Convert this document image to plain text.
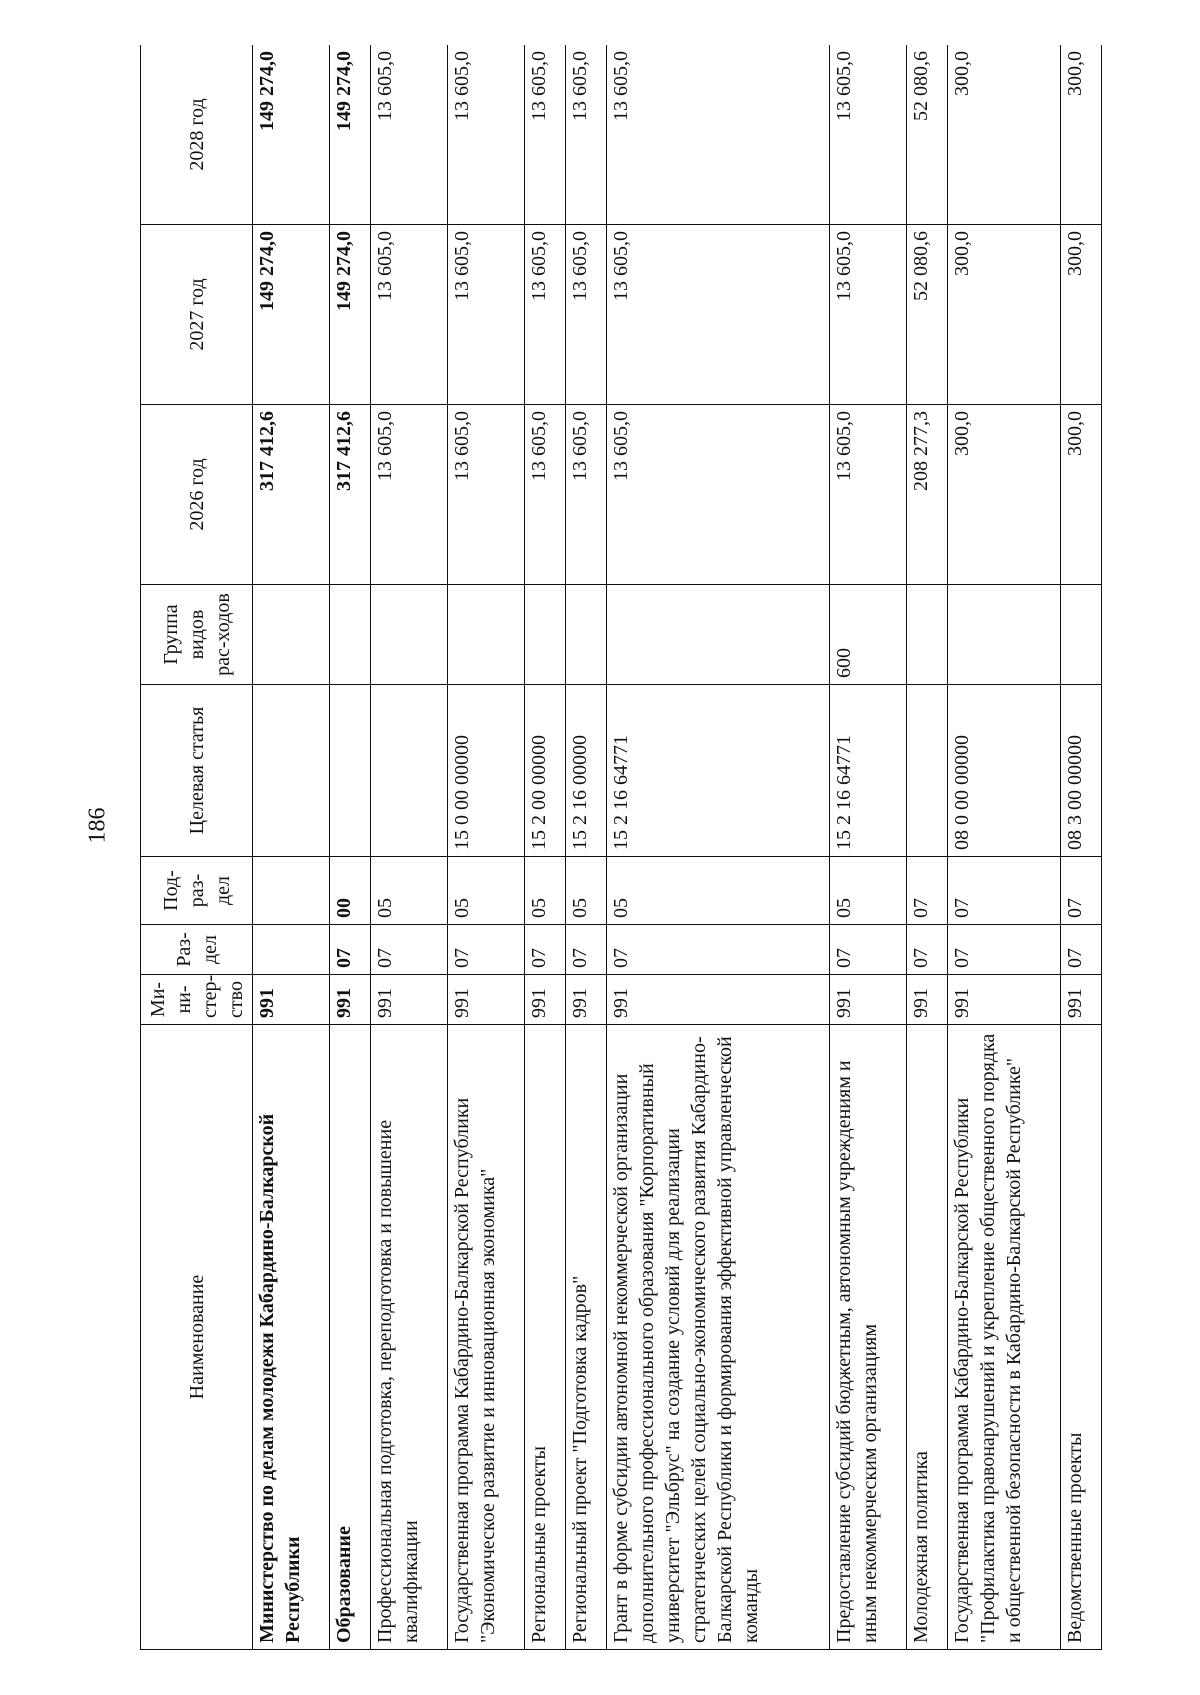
186
Наименование	Ми-ни-стер-ство	Раз-дел	Под-раз-дел	Целевая статья	Группа видов рас-ходов	2026 год	2027 год	2028 год
Министерство по делам молодежи Кабардино-Балкарской Республики	991					317 412,6	149 274,0	149 274,0
Образование	991	07	00			317 412,6	149 274,0	149 274,0
Профессиональная подготовка, переподготовка и повышение квалификации	991	07	05			13 605,0	13 605,0	13 605,0
Государственная программа Кабардино-Балкарской Республики "Экономическое развитие и инновационная экономика"	991	07	05	15 0 00 00000		13 605,0	13 605,0	13 605,0
Региональные проекты	991	07	05	15 2 00 00000		13 605,0	13 605,0	13 605,0
Региональный проект "Подготовка кадров"	991	07	05	15 2 16 00000		13 605,0	13 605,0	13 605,0
Грант в форме субсидии автономной некоммерческой организации дополнительного профессионального образования "Корпоративный университет "Эльбрус" на создание условий для реализации стратегических целей социально-экономического развития Кабардино-Балкарской Республики и формирования эффективной управленческой команды	991	07	05	15 2 16 64771		13 605,0	13 605,0	13 605,0
Предоставление субсидий бюджетным, автономным учреждениям и иным некоммерческим организациям	991	07	05	15 2 16 64771	600	13 605,0	13 605,0	13 605,0
Молодежная политика	991	07	07			208 277,3	52 080,6	52 080,6
Государственная программа Кабардино-Балкарской Республики "Профилактика правонарушений и укрепление общественного порядка и общественной безопасности в Кабардино-Балкарской Республике"	991	07	07	08 0 00 00000		300,0	300,0	300,0
Ведомственные проекты	991	07	07	08 3 00 00000		300,0	300,0	300,0
